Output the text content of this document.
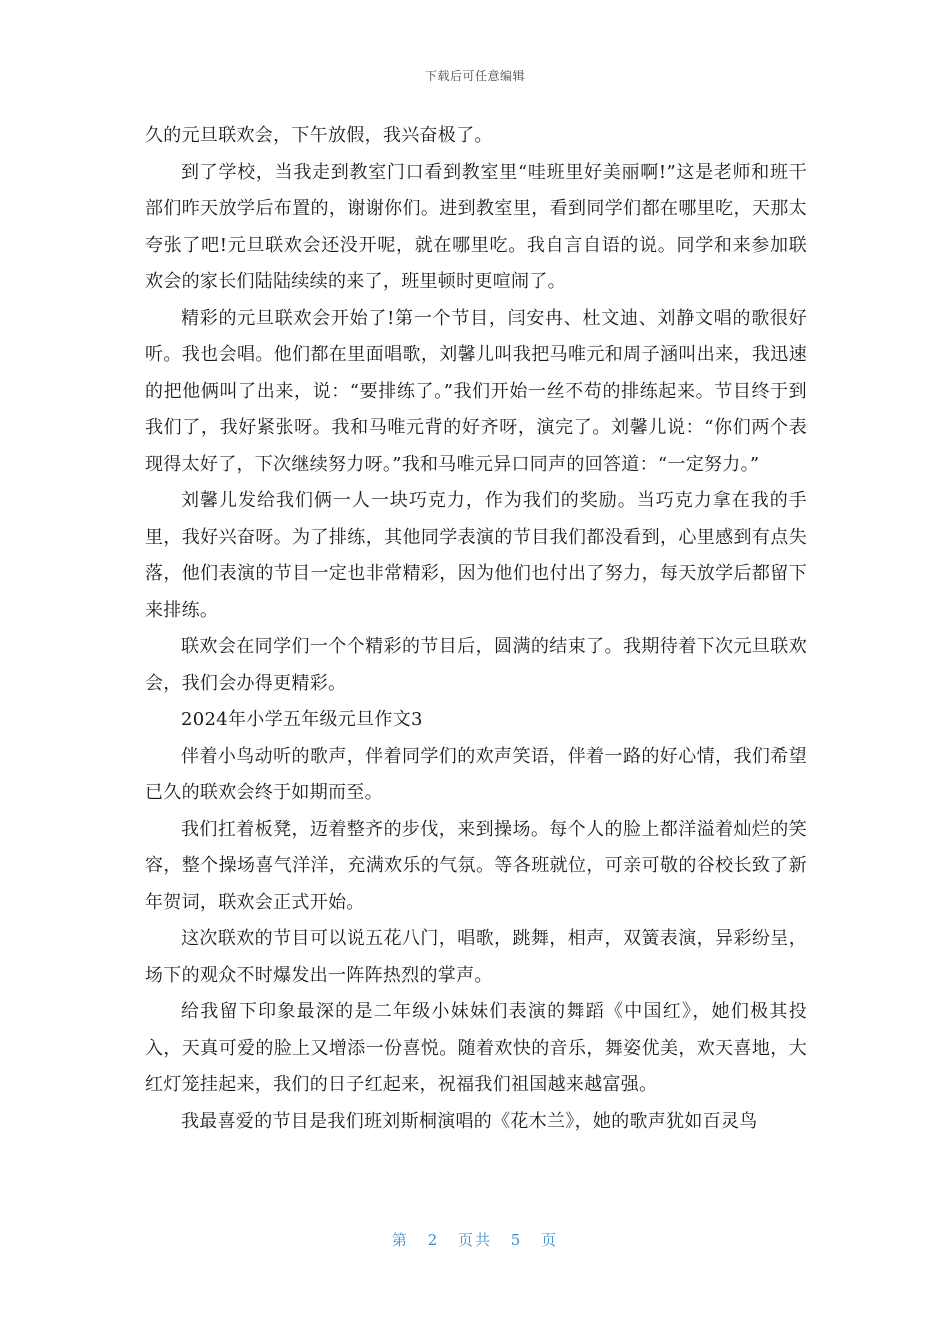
下载后可任意编辑

久的元旦联欢会，下午放假，我兴奋极了。

到了学校，当我走到教室门口看到教室里“哇班里好美丽啊!”这是老师和班干部们昨天放学后布置的，谢谢你们。进到教室里，看到同学们都在哪里吃，天那太夸张了吧!元旦联欢会还没开呢，就在哪里吃。我自言自语的说。同学和来参加联欢会的家长们陆陆续续的来了，班里顿时更喧闹了。

精彩的元旦联欢会开始了!第一个节目，闫安冉、杜文迪、刘静文唱的歌很好听。我也会唱。他们都在里面唱歌，刘馨儿叫我把马唯元和周子涵叫出来，我迅速的把他俩叫了出来，说：“要排练了。”我们开始一丝不苟的排练起来。节目终于到我们了，我好紧张呀。我和马唯元背的好齐呀，演完了。刘馨儿说：“你们两个表现得太好了，下次继续努力呀。”我和马唯元异口同声的回答道：“一定努力。”

刘馨儿发给我们俩一人一块巧克力，作为我们的奖励。当巧克力拿在我的手里，我好兴奋呀。为了排练，其他同学表演的节目我们都没看到，心里感到有点失落，他们表演的节目一定也非常精彩，因为他们也付出了努力，每天放学后都留下来排练。

联欢会在同学们一个个精彩的节目后，圆满的结束了。我期待着下次元旦联欢会，我们会办得更精彩。

2024年小学五年级元旦作文3

伴着小鸟动听的歌声，伴着同学们的欢声笑语，伴着一路的好心情，我们希望已久的联欢会终于如期而至。

我们扛着板凳，迈着整齐的步伐，来到操场。每个人的脸上都洋溢着灿烂的笑容，整个操场喜气洋洋，充满欢乐的气氛。等各班就位，可亲可敬的谷校长致了新年贺词，联欢会正式开始。

这次联欢的节目可以说五花八门，唱歌，跳舞，相声，双簧表演，异彩纷呈，场下的观众不时爆发出一阵阵热烈的掌声。

给我留下印象最深的是二年级小妹妹们表演的舞蹈《中国红》，她们极其投入，天真可爱的脸上又增添一份喜悦。随着欢快的音乐，舞姿优美，欢天喜地，大红灯笼挂起来，我们的日子红起来，祝福我们祖国越来越富强。

我最喜爱的节目是我们班刘斯桐演唱的《花木兰》，她的歌声犹如百灵鸟

第 2 页共 5 页
